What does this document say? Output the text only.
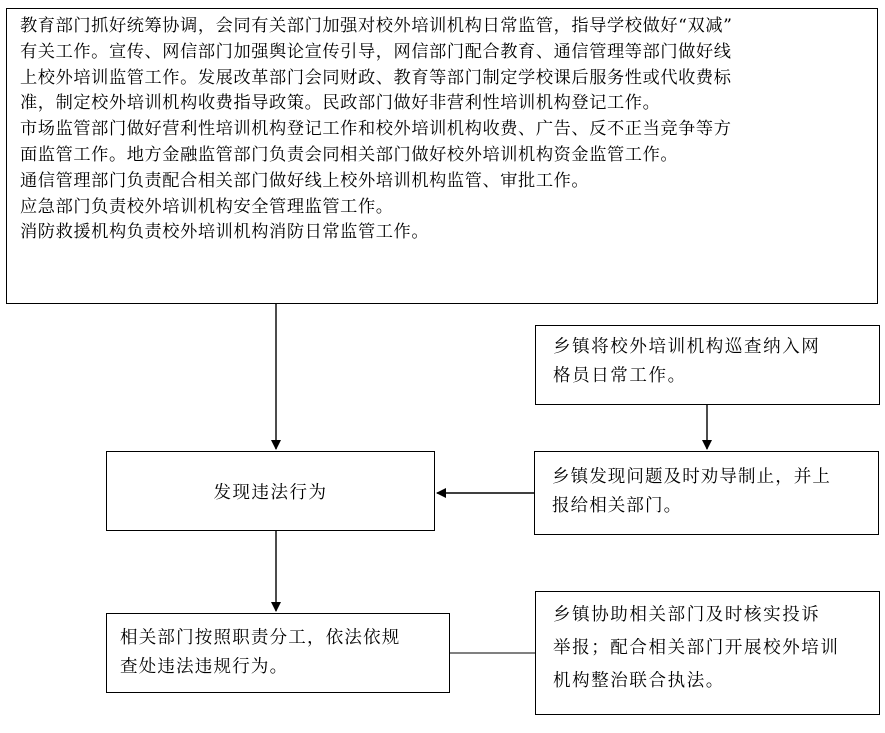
教育部门抓好统筹协调，会同有关部门加强对校外培训机构日常监管，指导学校做好“双减”
有关工作。宣传、网信部门加强舆论宣传引导，网信部门配合教育、通信管理等部门做好线
上校外培训监管工作。发展改革部门会同财政、教育等部门制定学校课后服务性或代收费标
准，制定校外培训机构收费指导政策。民政部门做好非营利性培训机构登记工作。
市场监管部门做好营利性培训机构登记工作和校外培训机构收费、广告、反不正当竞争等方
面监管工作。地方金融监管部门负责会同相关部门做好校外培训机构资金监管工作。
通信管理部门负责配合相关部门做好线上校外培训机构监管、审批工作。
应急部门负责校外培训机构安全管理监管工作。
消防救援机构负责校外培训机构消防日常监管工作。
乡镇将校外培训机构巡查纳入网
格员日常工作。
乡镇发现问题及时劝导制止，并上
报给相关部门。
发现违法行为
相关部门按照职责分工，依法依规
查处违法违规行为。
乡镇协助相关部门及时核实投诉
举报；配合相关部门开展校外培训
机构整治联合执法。
